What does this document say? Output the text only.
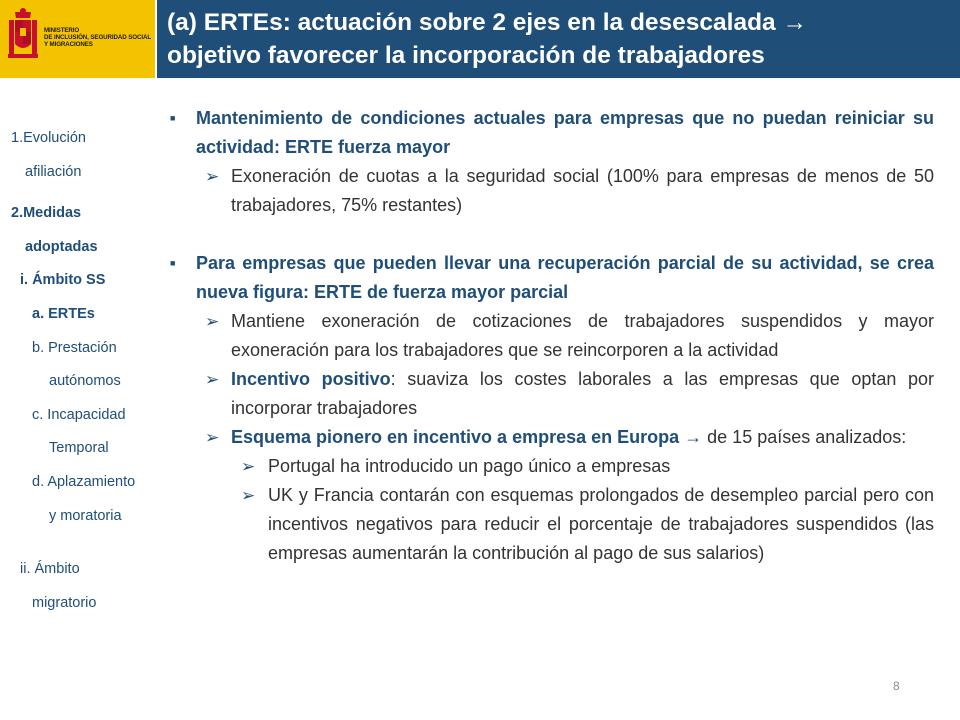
MINISTERIO
DE INCLUSIÓN, SEGURIDAD SOCIAL
Y MIGRACIONES
(a) ERTEs: actuación sobre 2 ejes en la desescalada →
objetivo favorecer la incorporación de trabajadores
1.Evolución
afiliación
2.Medidas
adoptadas
i. Ámbito SS
a. ERTEs
b. Prestación
autónomos
c. Incapacidad
Temporal
d. Aplazamiento
y moratoria
ii. Ámbito
migratorio
■ Mantenimiento de condiciones actuales para empresas que no puedan reiniciar su actividad: ERTE fuerza mayor
➢ Exoneración de cuotas a la seguridad social (100% para empresas de menos de 50 trabajadores, 75% restantes)
■ Para empresas que pueden llevar una recuperación parcial de su actividad, se crea nueva figura: ERTE de fuerza mayor parcial
➢ Mantiene exoneración de cotizaciones de trabajadores suspendidos y mayor exoneración para los trabajadores que se reincorporen a la actividad
➢ Incentivo positivo: suaviza los costes laborales a las empresas que optan por incorporar trabajadores
➢ Esquema pionero en incentivo a empresa en Europa → de 15 países analizados:
➢ Portugal ha introducido un pago único a empresas
➢ UK y Francia contarán con esquemas prolongados de desempleo parcial pero con incentivos negativos para reducir el porcentaje de trabajadores suspendidos (las empresas aumentarán la contribución al pago de sus salarios)
8
